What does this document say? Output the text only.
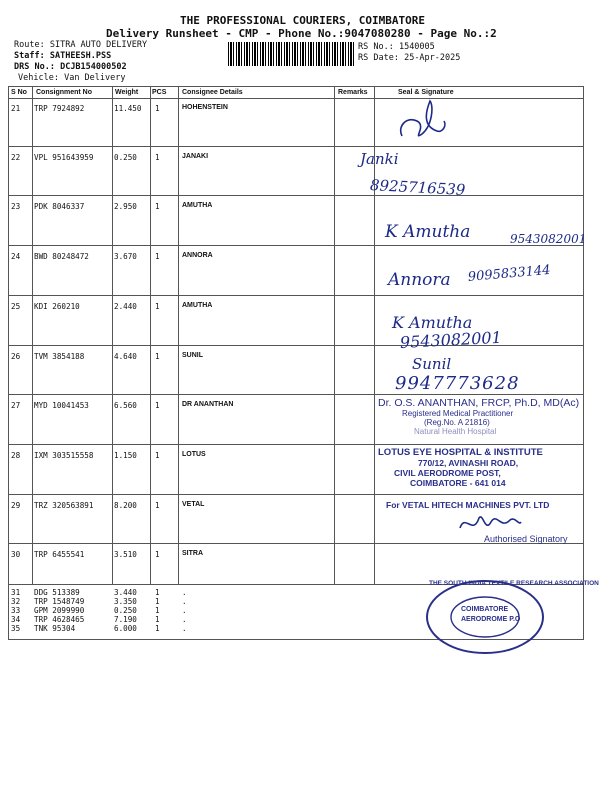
THE PROFESSIONAL COURIERS, COIMBATORE
Delivery Runsheet - CMP - Phone No.:9047080280 - Page No.:2
Route: SITRA AUTO DELIVERY
Staff: SATHEESH.PSS
DRS No.: DCJB154000502
Vehicle: Van Delivery
RS No.: 1540005
RS Date: 25-Apr-2025
S No Consignment No	Weight PCS Consignee Details	Remarks	Seal & Signature
21 TRP 7924892	11.450 1	HOHENSTEIN
22 VPL 951643959	0.250 1	JANAKI
23 PDK 8046337	2.950 1	AMUTHA
24 BWD 80248472	3.670 1	ANNORA
25 KDI 260210	2.440 1	AMUTHA
26 TVM 3854188	4.640 1	SUNIL
27 MYD 10041453	6.560 1	DR ANANTHAN
28 IXM 303515558	1.150 1	LOTUS
29 TRZ 320563891	8.200 1	VETAL
30 TRP 6455541	3.510 1	SITRA
31 DDG 513389	3.440 1	.
32 TRP 1548749	3.350 1	.
33 GPM 2099990	0.250 1	.
34 TRP 4628465	7.190 1	.
35 TNK 95304	6.000 1	.
Janki
8925716539
K Amutha	9543082001
Annora 9095833144
K Amutha
9543082001
Sunil
9947773628
Dr. O.S. ANANTHAN, FRCP, Ph.D, MD(Ac)
Registered Medical Practitioner
(Reg.No. A 21816)
Natural Health Hospital
LOTUS EYE HOSPITAL & INSTITUTE
770/12, AVINASHI ROAD,
CIVIL AERODROME POST,
COIMBATORE - 641 014
For VETAL HITECH MACHINES PVT. LTD
Authorised Signatory
THE SOUTH INDIA TEXTILE RESEARCH ASSOCIATION
COIMBATORE
AERODROME P.O
